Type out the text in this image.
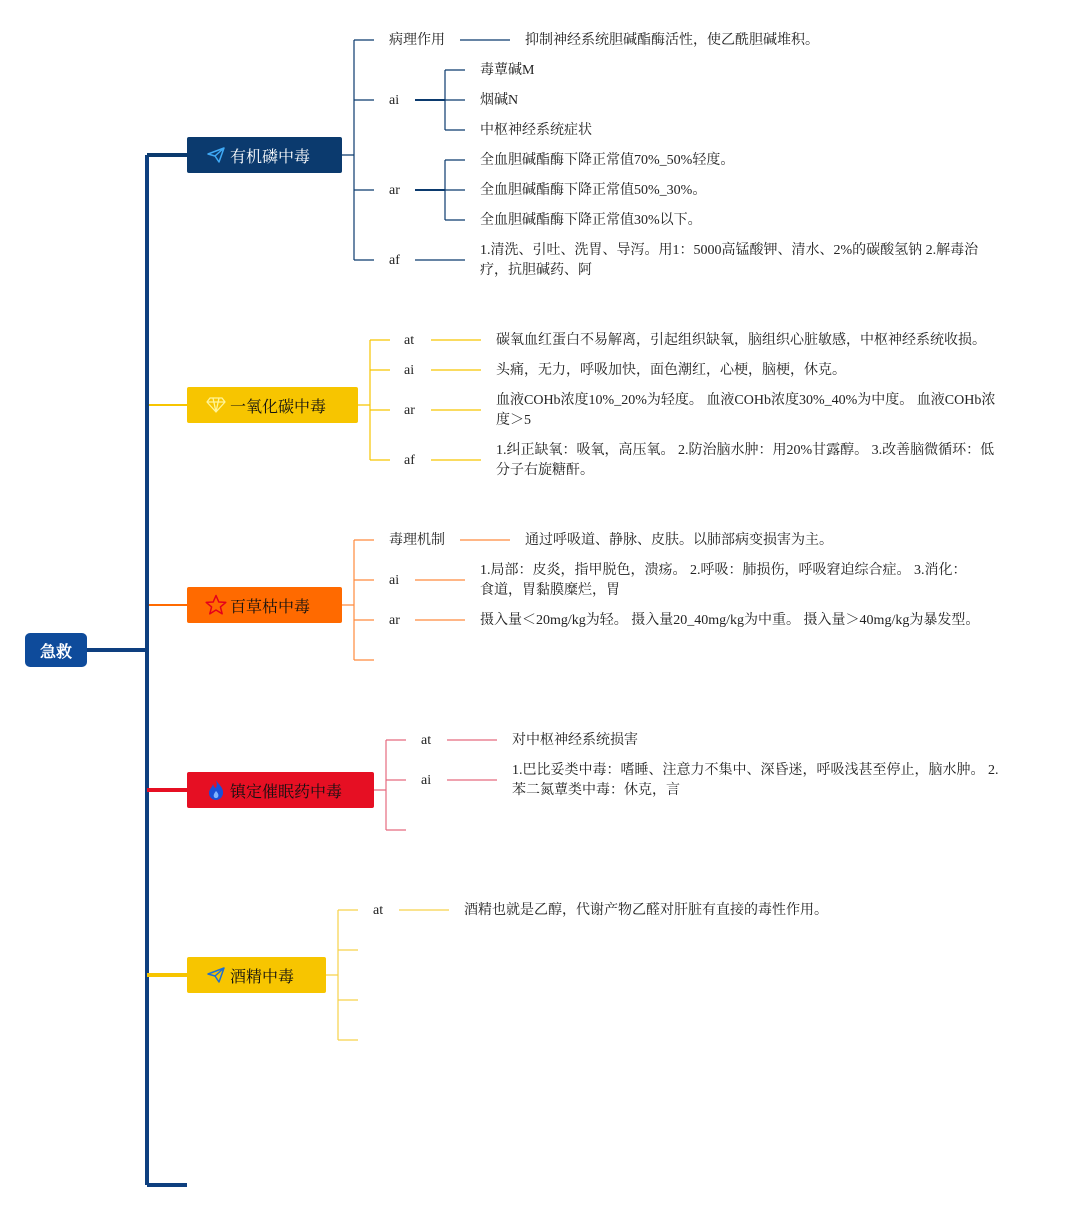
急救
有机磷中毒
病理作用	抑制神经系统胆碱酯酶活性，使乙酰胆碱堆积。
ai
毒蕈碱M
烟碱N
中枢神经系统症状
ar
全血胆碱酯酶下降正常值70%_50%轻度。
全血胆碱酯酶下降正常值50%_30%。
全血胆碱酯酶下降正常值30%以下。
af
1.清洗、引吐、洗胃、导泻。用1：5000高锰酸钾、清水、2%的碳酸氢钠 2.解毒治疗，抗胆碱药、阿
一氧化碳中毒
at	碳氧血红蛋白不易解离，引起组织缺氧，脑组织心脏敏感，中枢神经系统收损。
ai	头痛，无力，呼吸加快，面色潮红，心梗，脑梗，休克。
ar
血液COHb浓度10%_20%为轻度。 血液COHb浓度30%_40%为中度。 血液COHb浓度＞5
af
1.纠正缺氧：吸氧，高压氧。 2.防治脑水肿：用20%甘露醇。 3.改善脑微循环：低分子右旋糖酐。
百草枯中毒
毒理机制	通过呼吸道、静脉、皮肤。以肺部病变损害为主。
ai
1.局部：皮炎，指甲脱色，溃疡。 2.呼吸：肺损伤，呼吸窘迫综合症。 3.消化：食道，胃黏膜糜烂，胃
ar	摄入量＜20mg/kg为轻。 摄入量20_40mg/kg为中重。 摄入量＞40mg/kg为暴发型。
镇定催眠药中毒
at	对中枢神经系统损害
ai
1.巴比妥类中毒：嗜睡、注意力不集中、深昏迷，呼吸浅甚至停止，脑水肿。 2.苯二氮蕈类中毒：休克，言
酒精中毒
at	酒精也就是乙醇，代谢产物乙醛对肝脏有直接的毒性作用。
